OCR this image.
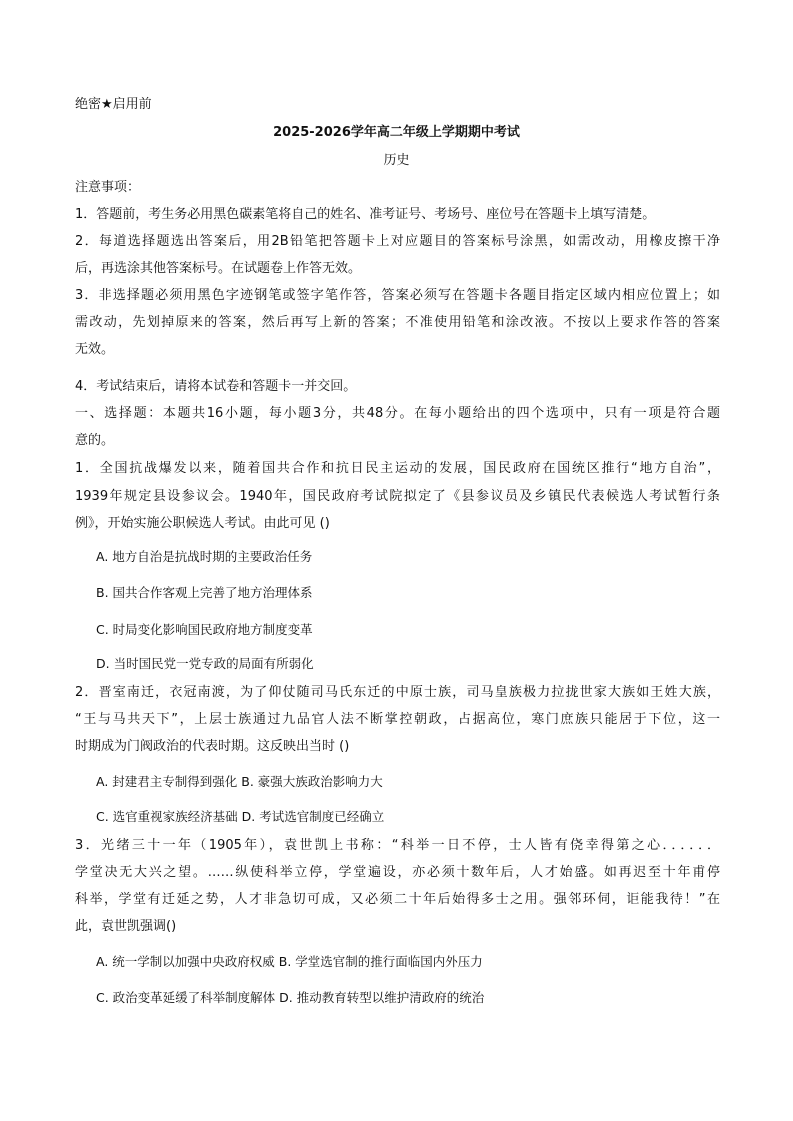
绝密★启用前
2025-2026学年高二年级上学期期中考试
历史
注意事项：
1．答题前，考生务必用黑色碳素笔将自己的姓名、准考证号、考场号、座位号在答题卡上填写清楚。
2．每道选择题选出答案后，用2B铅笔把答题卡上对应题目的答案标号涂黑，如需改动，用橡皮擦干净
后，再选涂其他答案标号。在试题卷上作答无效。
3．非选择题必须用黑色字迹钢笔或签字笔作答，答案必须写在答题卡各题目指定区域内相应位置上；如
需改动，先划掉原来的答案，然后再写上新的答案；不准使用铅笔和涂改液。不按以上要求作答的答案
无效。
4．考试结束后，请将本试卷和答题卡一并交回。
一、选择题：本题共16小题，每小题3分，共48分。在每小题给出的四个选项中，只有一项是符合题
意的。
1．全国抗战爆发以来，随着国共合作和抗日民主运动的发展，国民政府在国统区推行“地方自治”，
1939年规定县设参议会。1940年，国民政府考试院拟定了《县参议员及乡镇民代表候选人考试暂行条
例》，开始实施公职候选人考试。由此可见 ()
A. 地方自治是抗战时期的主要政治任务
B. 国共合作客观上完善了地方治理体系
C. 时局变化影响国民政府地方制度变革
D. 当时国民党一党专政的局面有所弱化
2．晋室南迁，衣冠南渡，为了仰仗随司马氏东迁的中原士族，司马皇族极力拉拢世家大族如王姓大族，
“王与马共天下”，上层士族通过九品官人法不断掌控朝政，占据高位，寒门庶族只能居于下位，这一
时期成为门阀政治的代表时期。这反映出当时 ()
A. 封建君主专制得到强化 B. 豪强大族政治影响力大
C. 选官重视家族经济基础 D. 考试选官制度已经确立
3．光绪三十一年（1905年），袁世凯上书称：“科举一日不停，士人皆有侥幸得第之心．．．．．．
学堂决无大兴之望。……纵使科举立停，学堂遍设，亦必须十数年后，人才始盛。如再迟至十年甫停
科举，学堂有迁延之势，人才非急切可成，又必须二十年后始得多士之用。强邻环伺，讵能我待！”在
此，袁世凯强调()
A. 统一学制以加强中央政府权威 B. 学堂选官制的推行面临国内外压力
C. 政治变革延缓了科举制度解体 D. 推动教育转型以维护清政府的统治
